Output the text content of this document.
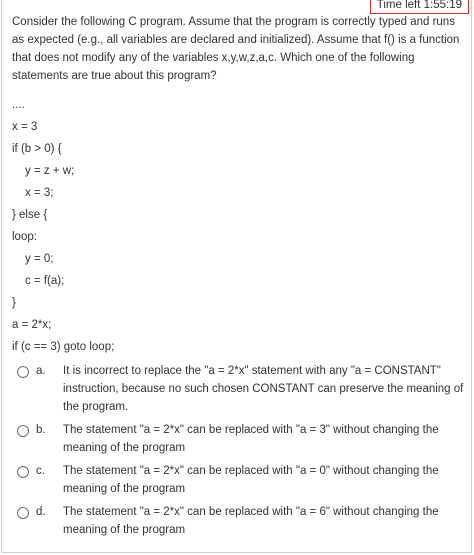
Time left 1:55:19

Consider the following C program. Assume that the program is correctly typed and runs as expected (e.g., all variables are declared and initialized). Assume that f() is a function that does not modify any of the variables x,y,w,z,a,c. Which one of the following statements are true about this program?

....
x = 3
if (b > 0) {
y = z + w;
x = 3;
} else {
loop:
y = 0;
c = f(a);
}
a = 2*x;
if (c == 3) goto loop;
a.	It is incorrect to replace the "a = 2*x" statement with any "a = CONSTANT" instruction, because no such chosen CONSTANT can preserve the meaning of the program.
b.	The statement "a = 2*x" can be replaced with "a = 3" without changing the meaning of the program
c.	The statement "a = 2*x" can be replaced with "a = 0" without changing the meaning of the program
d.	The statement "a = 2*x" can be replaced with "a = 6" without changing the meaning of the program
